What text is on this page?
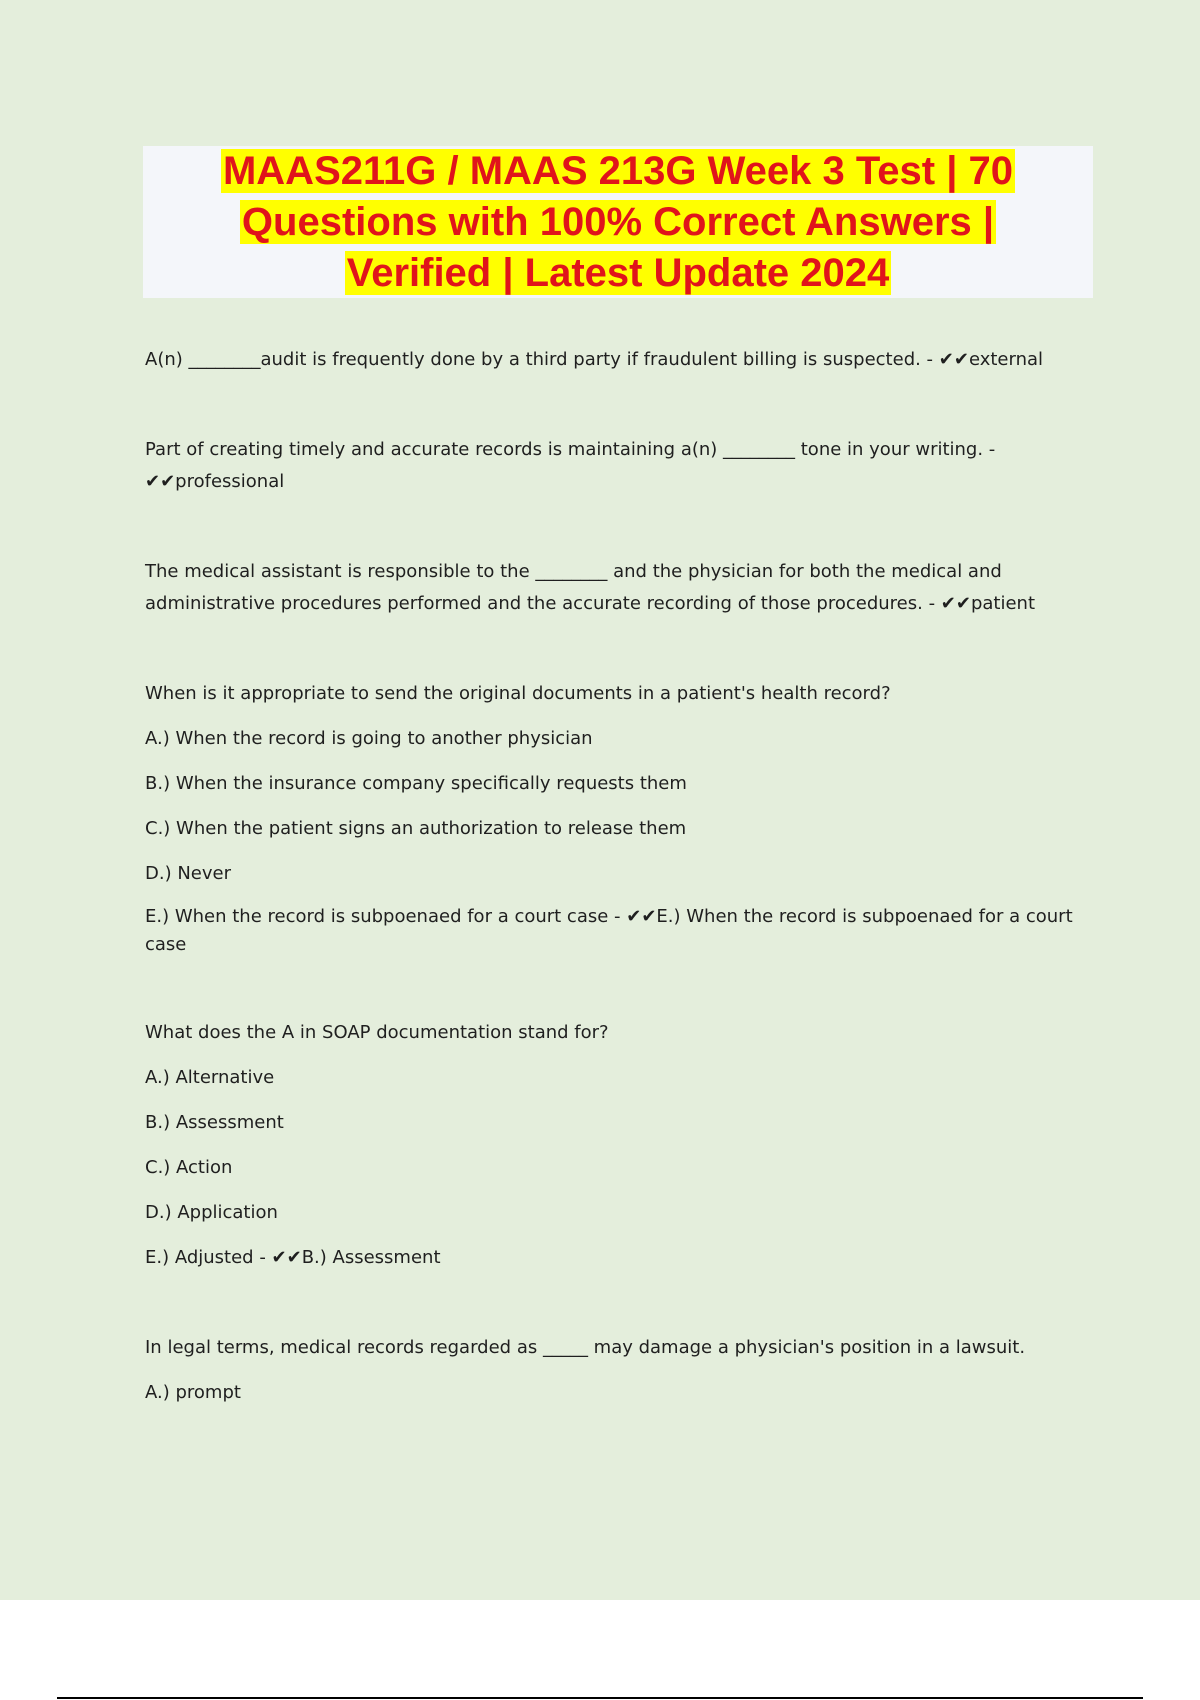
MAAS211G / MAAS 213G Week 3 Test | 70
Questions with 100% Correct Answers |
Verified | Latest Update 2024

A(n) ________audit is frequently done by a third party if fraudulent billing is suspected. - ✔✔external

Part of creating timely and accurate records is maintaining a(n) ________ tone in your writing. - ✔✔professional

The medical assistant is responsible to the ________ and the physician for both the medical and administrative procedures performed and the accurate recording of those procedures. - ✔✔patient

When is it appropriate to send the original documents in a patient's health record?

A.) When the record is going to another physician

B.) When the insurance company specifically requests them

C.) When the patient signs an authorization to release them

D.) Never

E.) When the record is subpoenaed for a court case - ✔✔E.) When the record is subpoenaed for a court case

What does the A in SOAP documentation stand for?

A.) Alternative

B.) Assessment

C.) Action

D.) Application

E.) Adjusted - ✔✔B.) Assessment

In legal terms, medical records regarded as _____ may damage a physician's position in a lawsuit.

A.) prompt
